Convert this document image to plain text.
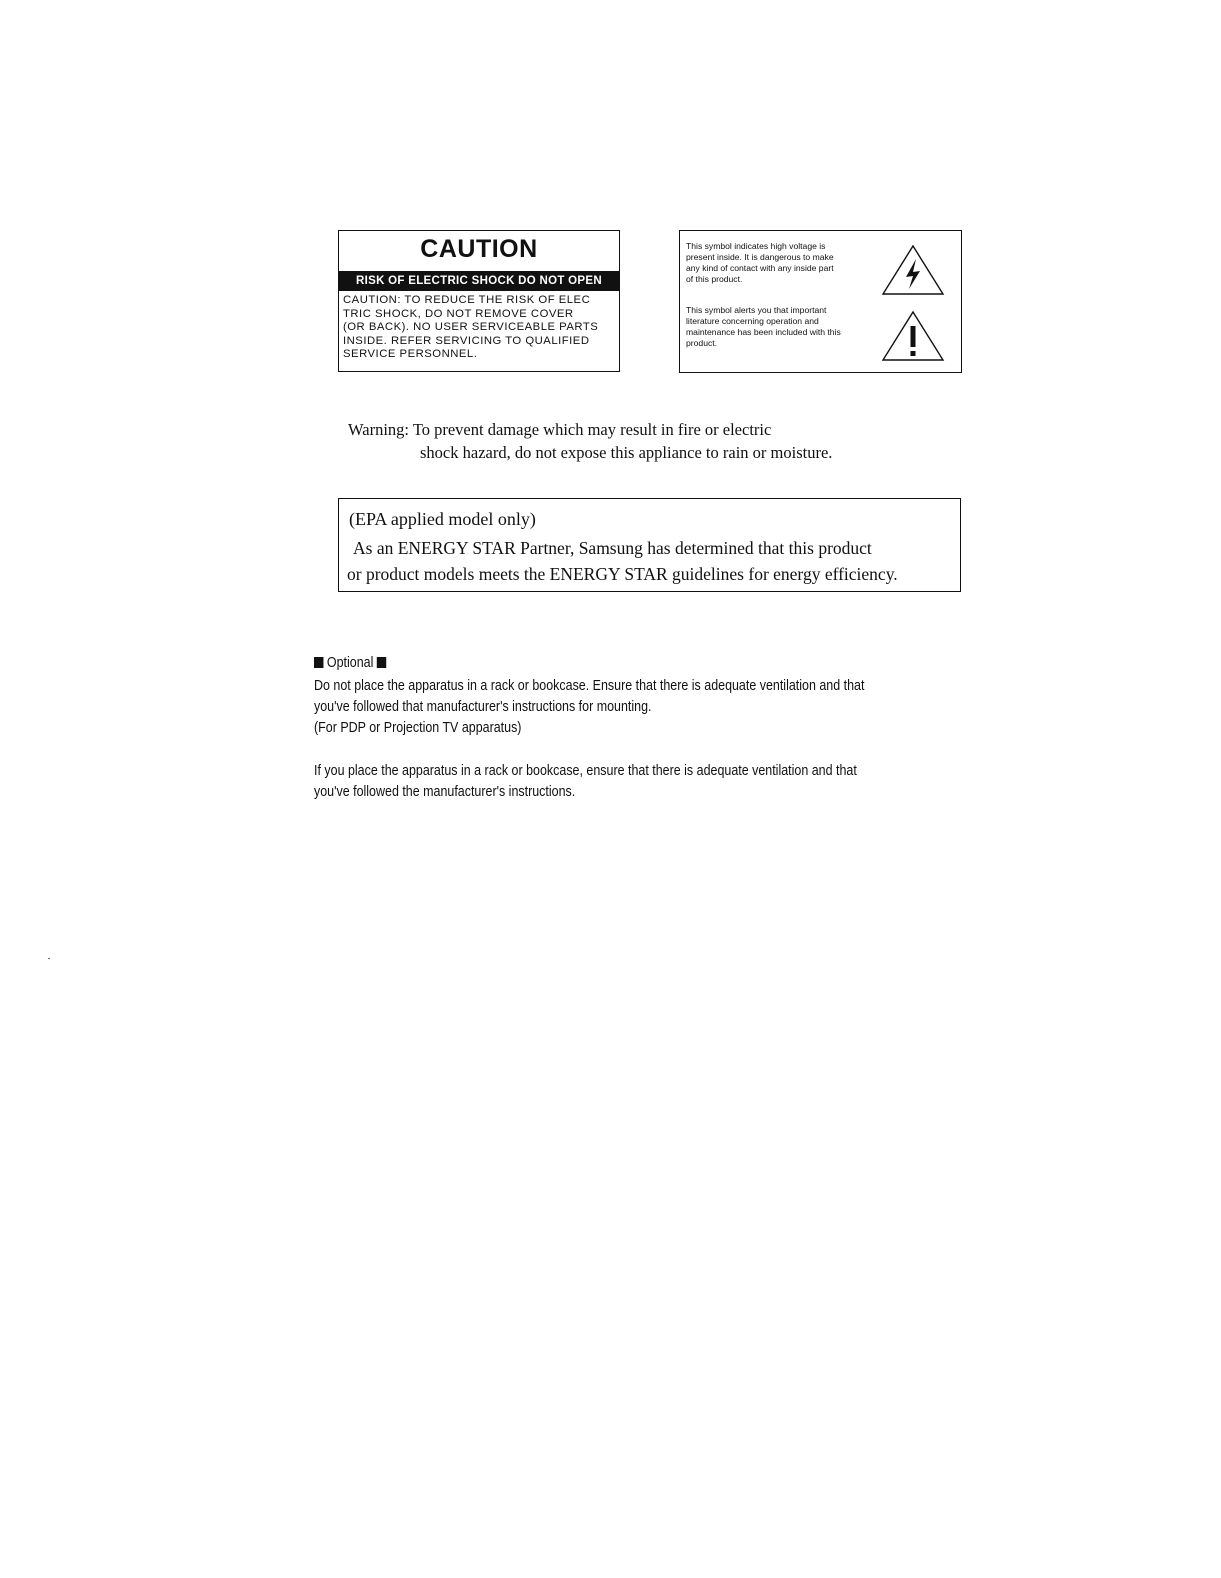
CAUTION
RISK OF ELECTRIC SHOCK DO NOT OPEN
CAUTION: TO REDUCE THE RISK OF ELEC
TRIC SHOCK, DO NOT REMOVE COVER
(OR BACK). NO USER SERVICEABLE PARTS
INSIDE. REFER SERVICING TO QUALIFIED
SERVICE PERSONNEL.
This symbol indicates high voltage is
present inside. It is dangerous to make
any kind of contact with any inside part
of this product.
This symbol alerts you that important
literature concerning operation and
maintenance has been included with this
product.
Warning: To prevent damage which may result in fire or electric
shock hazard, do not expose this appliance to rain or moisture.
(EPA applied model only)
As an ENERGY STAR Partner, Samsung has determined that this product
or product models meets the ENERGY STAR guidelines for energy efficiency.

Optional

Do not place the apparatus in a rack or bookcase. Ensure that there is adequate ventilation and that

you've followed that manufacturer's instructions for mounting.

(For PDP or Projection TV apparatus)

If you place the apparatus in a rack or bookcase, ensure that there is adequate ventilation and that

you've followed the manufacturer's instructions.
